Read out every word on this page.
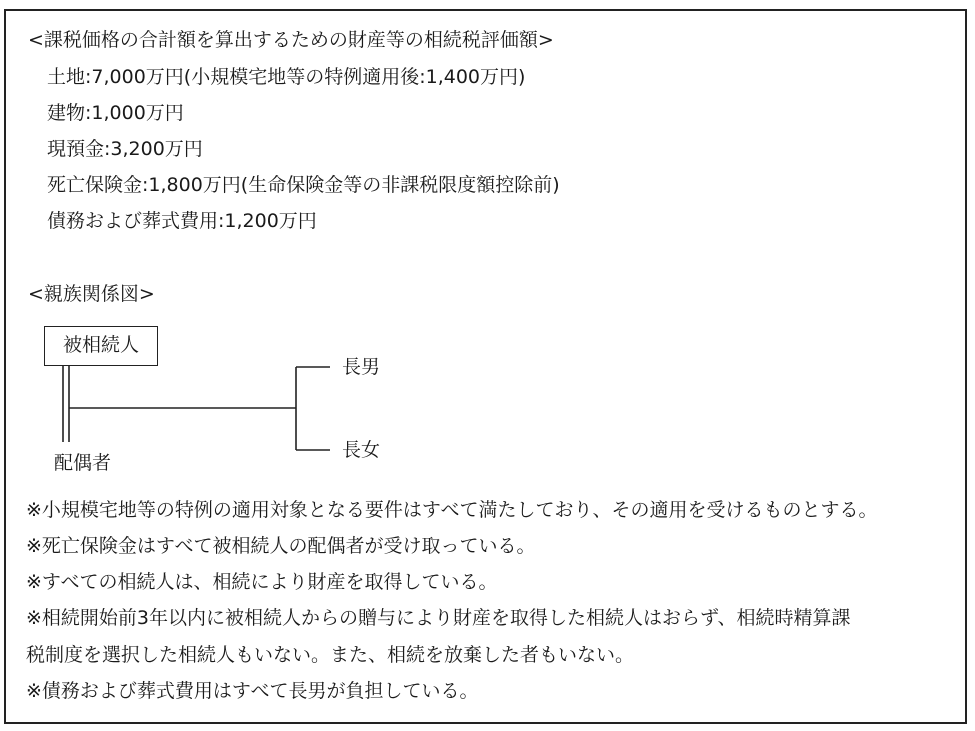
<課税価格の合計額を算出するための財産等の相続税評価額>
土地:7,000万円(小規模宅地等の特例適用後:1,400万円)
建物:1,000万円
現預金:3,200万円
死亡保険金:1,800万円(生命保険金等の非課税限度額控除前)
債務および葬式費用:1,200万円
<親族関係図>
被相続人
長男
長女
配偶者
※小規模宅地等の特例の適用対象となる要件はすべて満たしており、その適用を受けるものとする。
※死亡保険金はすべて被相続人の配偶者が受け取っている。
※すべての相続人は、相続により財産を取得している。
※相続開始前3年以内に被相続人からの贈与により財産を取得した相続人はおらず、相続時精算課
税制度を選択した相続人もいない。また、相続を放棄した者もいない。
※債務および葬式費用はすべて長男が負担している。
